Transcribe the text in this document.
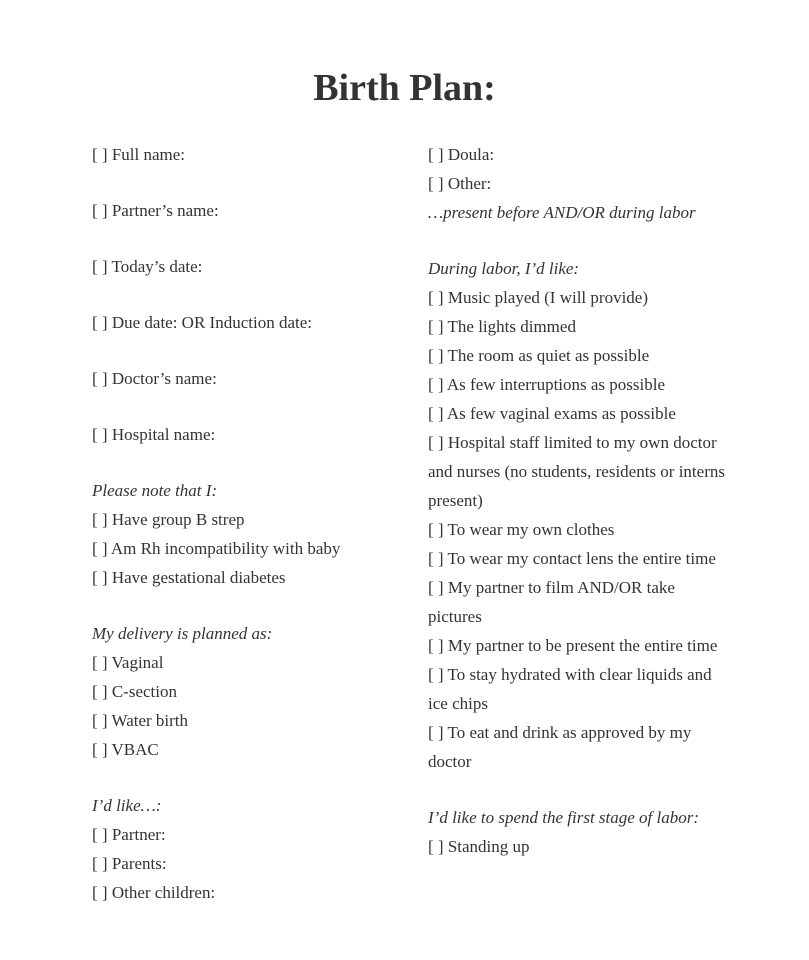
Birth Plan:
[ ] Full name:
[ ] Partner’s name:
[ ] Today’s date:
[ ] Due date: OR Induction date:
[ ] Doctor’s name:
[ ] Hospital name:
Please note that I:
[ ] Have group B strep
[ ] Am Rh incompatibility with baby
[ ] Have gestational diabetes
My delivery is planned as:
[ ] Vaginal
[ ] C-section
[ ] Water birth
[ ] VBAC
I’d like…:
[ ] Partner:
[ ] Parents:
[ ] Other children:
[ ] Doula:
[ ] Other:
…present before AND/OR during labor
During labor, I’d like:
[ ] Music played (I will provide)
[ ] The lights dimmed
[ ] The room as quiet as possible
[ ] As few interruptions as possible
[ ] As few vaginal exams as possible
[ ] Hospital staff limited to my own doctor and nurses (no students, residents or interns present)
[ ] To wear my own clothes
[ ] To wear my contact lens the entire time
[ ] My partner to film AND/OR take pictures
[ ] My partner to be present the entire time
[ ] To stay hydrated with clear liquids and ice chips
[ ] To eat and drink as approved by my doctor
I’d like to spend the first stage of labor:
[ ] Standing up
